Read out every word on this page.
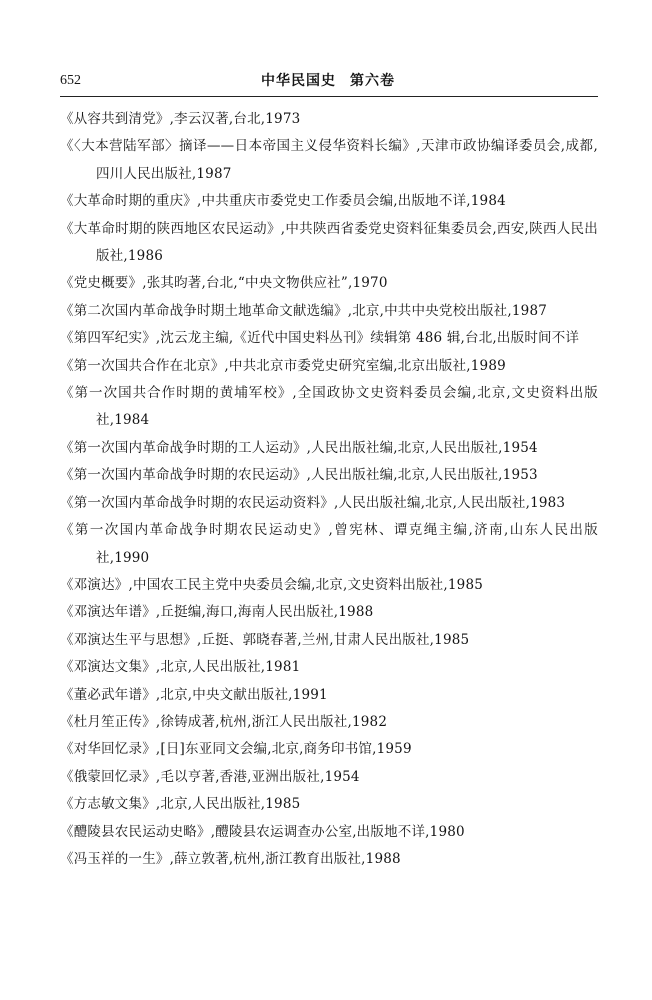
652	中华民国史 第六卷
《从容共到清党》,李云汉著,台北,1973
《〈大本营陆军部〉摘译——日本帝国主义侵华资料长编》,天津市政协编译委员会,成都,四川人民出版社,1987
《大革命时期的重庆》,中共重庆市委党史工作委员会编,出版地不详,1984
《大革命时期的陕西地区农民运动》,中共陕西省委党史资料征集委员会,西安,陕西人民出版社,1986
《党史概要》,张其昀著,台北,“中央文物供应社”,1970
《第二次国内革命战争时期土地革命文献选编》,北京,中共中央党校出版社,1987
《第四军纪实》,沈云龙主编,《近代中国史料丛刊》续辑第 486 辑,台北,出版时间不详
《第一次国共合作在北京》,中共北京市委党史研究室编,北京出版社,1989
《第一次国共合作时期的黄埔军校》,全国政协文史资料委员会编,北京,文史资料出版社,1984
《第一次国内革命战争时期的工人运动》,人民出版社编,北京,人民出版社,1954
《第一次国内革命战争时期的农民运动》,人民出版社编,北京,人民出版社,1953
《第一次国内革命战争时期的农民运动资料》,人民出版社编,北京,人民出版社,1983
《第一次国内革命战争时期农民运动史》,曾宪林、谭克绳主编,济南,山东人民出版社,1990
《邓演达》,中国农工民主党中央委员会编,北京,文史资料出版社,1985
《邓演达年谱》,丘挺编,海口,海南人民出版社,1988
《邓演达生平与思想》,丘挺、郭晓春著,兰州,甘肃人民出版社,1985
《邓演达文集》,北京,人民出版社,1981
《董必武年谱》,北京,中央文献出版社,1991
《杜月笙正传》,徐铸成著,杭州,浙江人民出版社,1982
《对华回忆录》,[日]东亚同文会编,北京,商务印书馆,1959
《俄蒙回忆录》,毛以亨著,香港,亚洲出版社,1954
《方志敏文集》,北京,人民出版社,1985
《醴陵县农民运动史略》,醴陵县农运调查办公室,出版地不详,1980
《冯玉祥的一生》,薛立敦著,杭州,浙江教育出版社,1988
